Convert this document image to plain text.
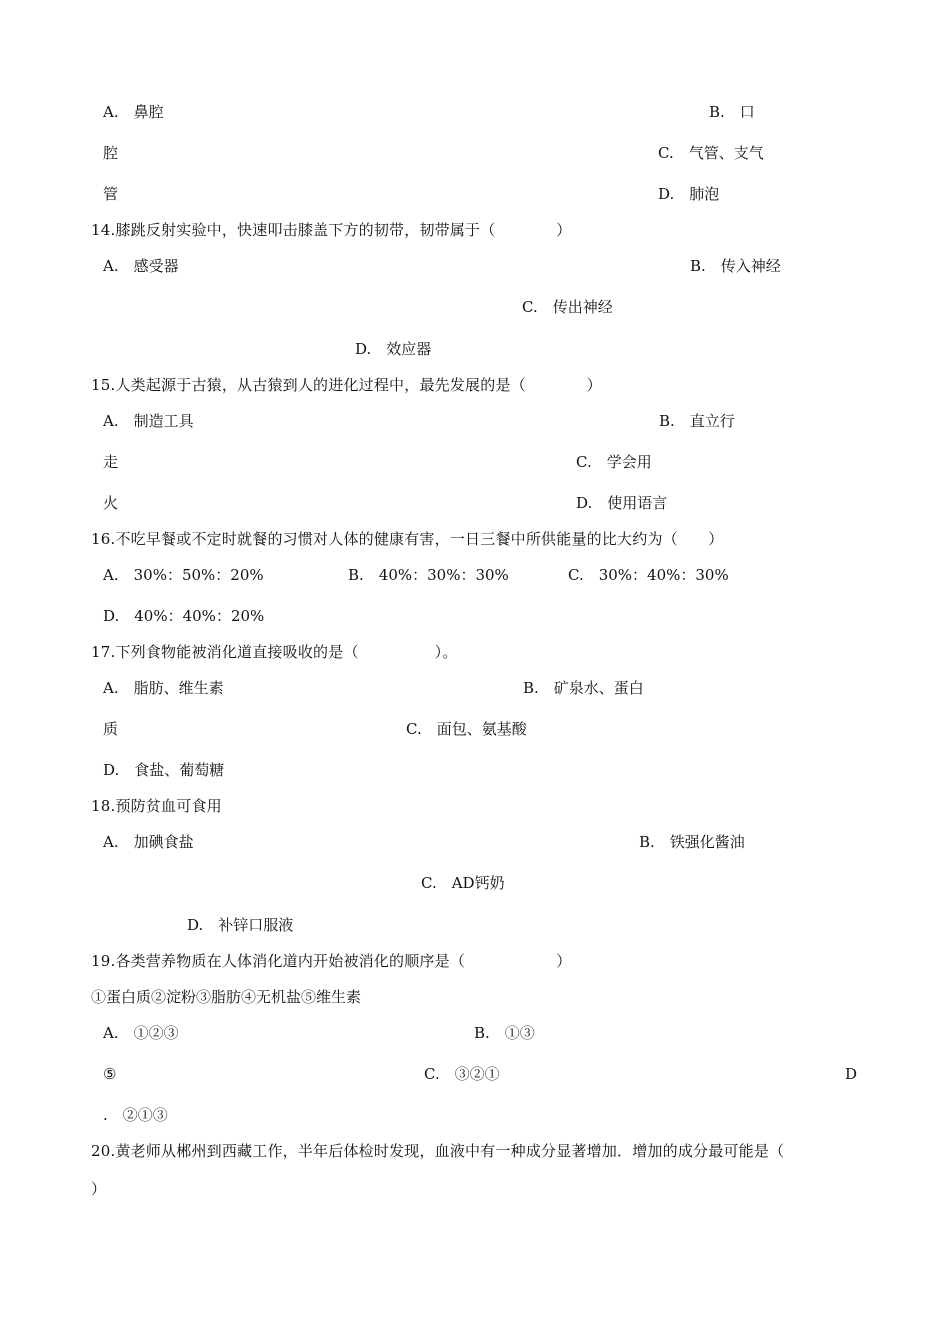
A.　鼻腔	B.　口
腔	C.　气管、支气
管	D.　肺泡
14.膝跳反射实验中，快速叩击膝盖下方的韧带，韧带属于（　　　　）
A.　感受器	B.　传入神经
C.　传出神经
D.　效应器
15.人类起源于古猿，从古猿到人的进化过程中，最先发展的是（　　　　）
A.　制造工具	B.　直立行
走	C.　学会用
火	D.　使用语言
16.不吃早餐或不定时就餐的习惯对人体的健康有害，一日三餐中所供能量的比大约为（　　）
A.　30%：50%：20%	B.　40%：30%：30%	C.　30%：40%：30%
D.　40%：40%：20%
17.下列食物能被消化道直接吸收的是（　　　　　）。
A.　脂肪、维生素	B.　矿泉水、蛋白
质	C.　面包、氨基酸
D.　食盐、葡萄糖
18.预防贫血可食用
A.　加碘食盐	B.　铁强化酱油
C.　AD钙奶
D.　补锌口服液
19.各类营养物质在人体消化道内开始被消化的顺序是（　　　　　　）
①蛋白质②淀粉③脂肪④无机盐⑤维生素
A.　①②③	B.　①③
⑤	C.　③②①	D
.　②①③
20.黄老师从郴州到西藏工作，半年后体检时发现，血液中有一种成分显著增加．增加的成分最可能是（
）
